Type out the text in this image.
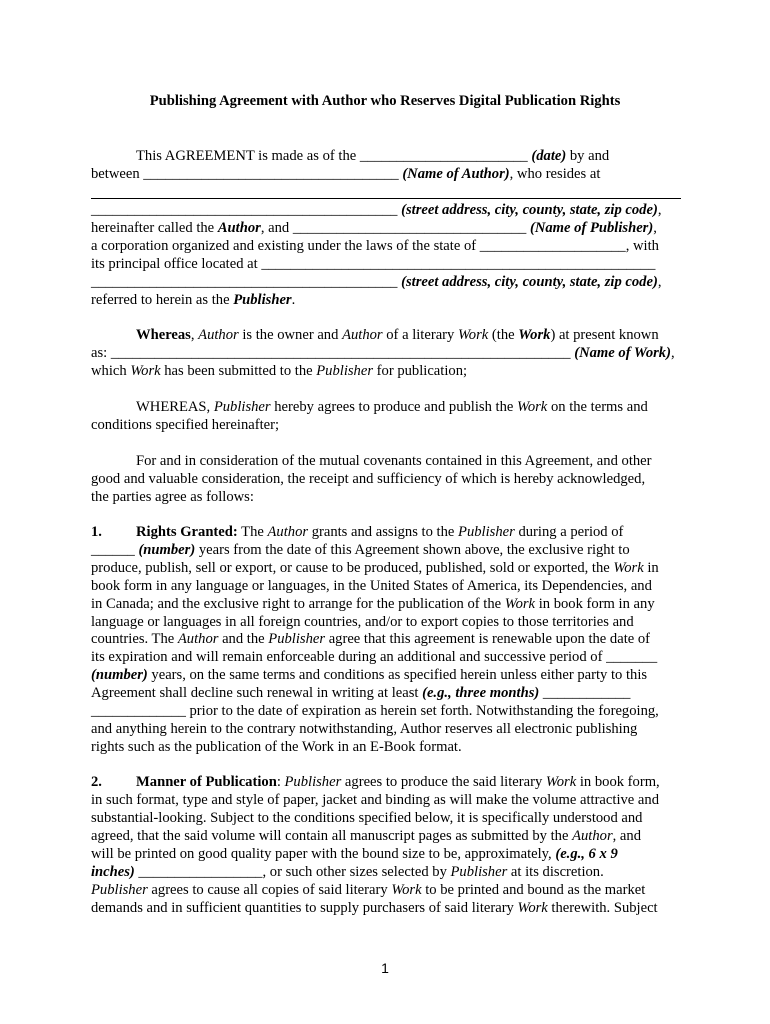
Publishing Agreement with Author who Reserves Digital Publication Rights
This AGREEMENT is made as of the _______________________ (date) by and
between ___________________________________ (Name of Author), who resides at
__________________________________________ (street address, city, county, state, zip code),
hereinafter called the Author, and ________________________________ (Name of Publisher),
a corporation organized and existing under the laws of the state of ____________________, with
its principal office located at ______________________________________________________
__________________________________________ (street address, city, county, state, zip code),
referred to herein as the Publisher.
Whereas, Author is the owner and Author of a literary Work (the Work) at present known
as: _______________________________________________________________ (Name of Work),
which Work has been submitted to the Publisher for publication;
WHEREAS, Publisher hereby agrees to produce and publish the Work on the terms and
conditions specified hereinafter;
For and in consideration of the mutual covenants contained in this Agreement, and other
good and valuable consideration, the receipt and sufficiency of which is hereby acknowledged,
the parties agree as follows:
1. Rights Granted: The Author grants and assigns to the Publisher during a period of
______ (number) years from the date of this Agreement shown above, the exclusive right to
produce, publish, sell or export, or cause to be produced, published, sold or exported, the Work in
book form in any language or languages, in the United States of America, its Dependencies, and
in Canada; and the exclusive right to arrange for the publication of the Work in book form in any
language or languages in all foreign countries, and/or to export copies to those territories and
countries. The Author and the Publisher agree that this agreement is renewable upon the date of
its expiration and will remain enforceable during an additional and successive period of _______
(number) years, on the same terms and conditions as specified herein unless either party to this
Agreement shall decline such renewal in writing at least (e.g., three months) ____________
_____________ prior to the date of expiration as herein set forth. Notwithstanding the foregoing,
and anything herein to the contrary notwithstanding, Author reserves all electronic publishing
rights such as the publication of the Work in an E-Book format.
2. Manner of Publication: Publisher agrees to produce the said literary Work in book form,
in such format, type and style of paper, jacket and binding as will make the volume attractive and
substantial-looking. Subject to the conditions specified below, it is specifically understood and
agreed, that the said volume will contain all manuscript pages as submitted by the Author, and
will be printed on good quality paper with the bound size to be, approximately, (e.g., 6 x 9
inches) _________________, or such other sizes selected by Publisher at its discretion.
Publisher agrees to cause all copies of said literary Work to be printed and bound as the market
demands and in sufficient quantities to supply purchasers of said literary Work therewith. Subject
1
